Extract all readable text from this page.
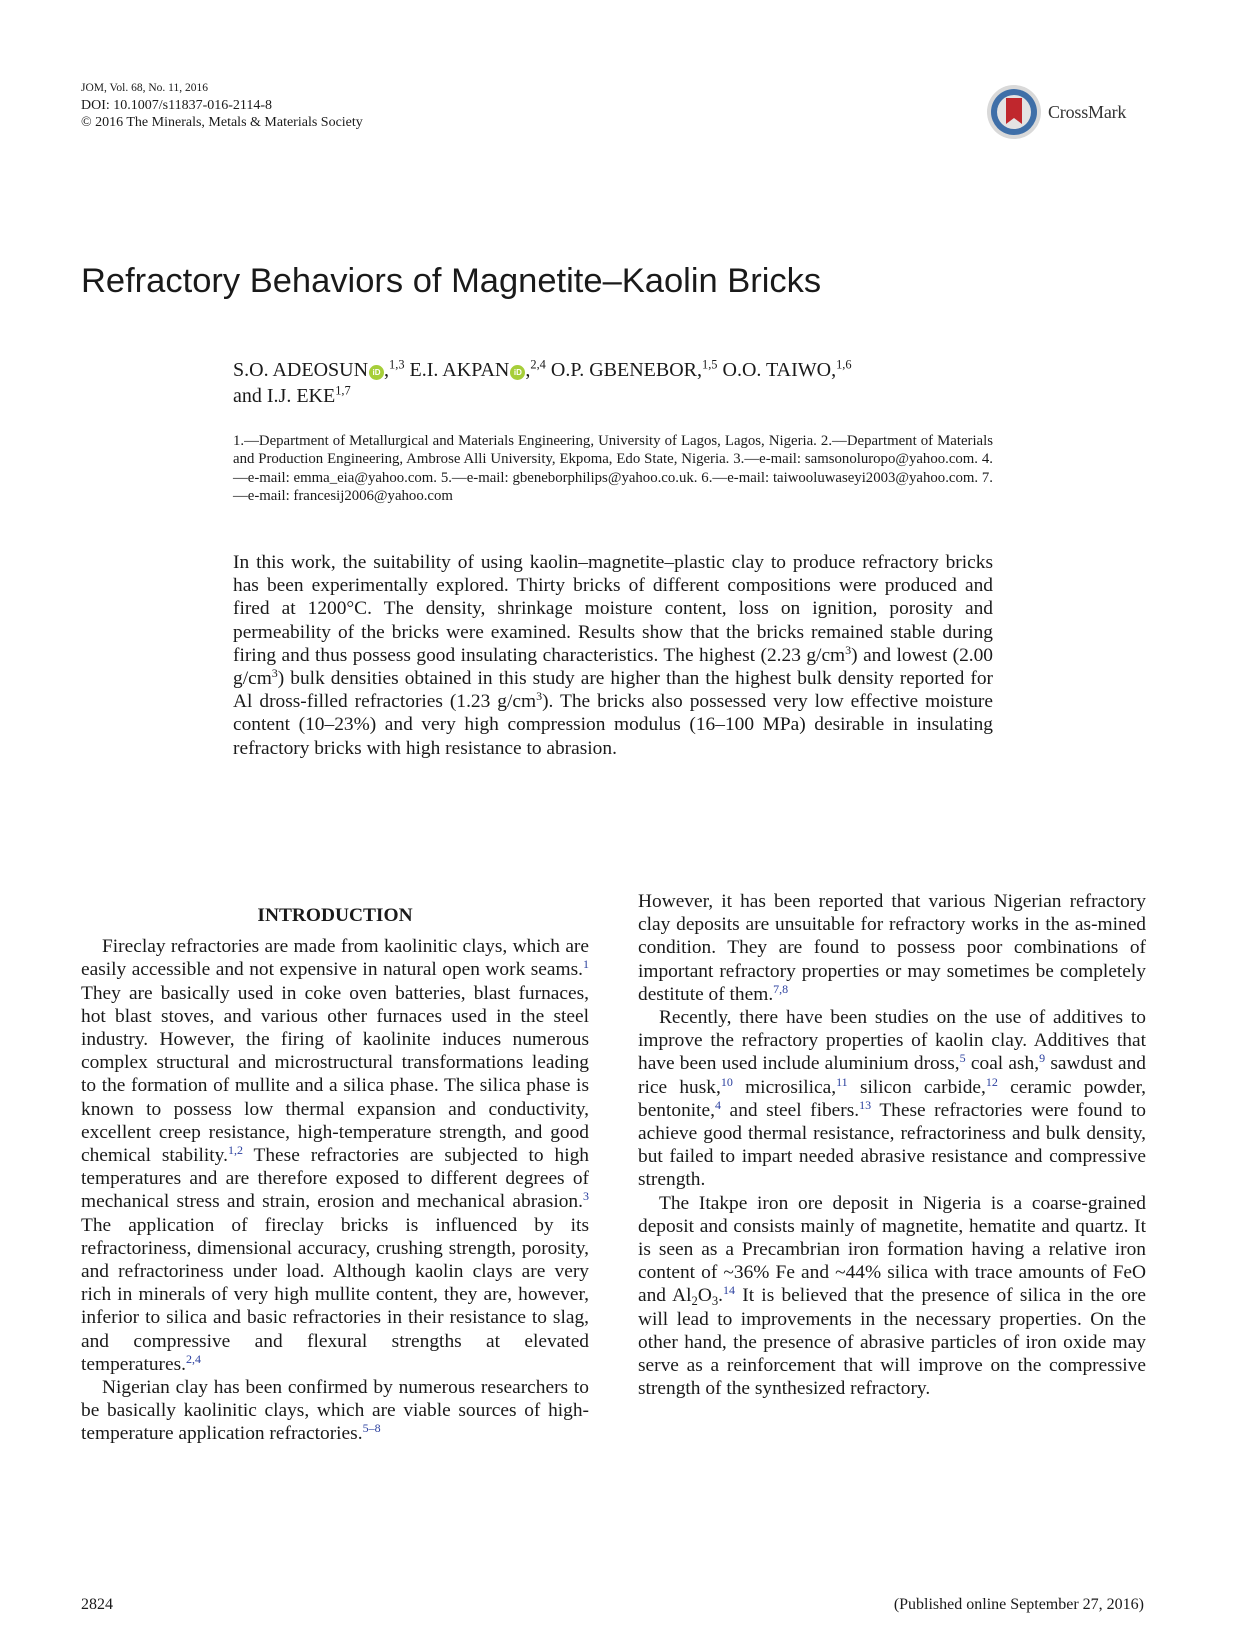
JOM, Vol. 68, No. 11, 2016
DOI: 10.1007/s11837-016-2114-8
© 2016 The Minerals, Metals & Materials Society
CrossMark
Refractory Behaviors of Magnetite–Kaolin Bricks
S.O. ADEOSUN iD ,$^{1,3}$ E.I. AKPAN iD ,$^{2,4}$ O.P. GBENEBOR,$^{1,5}$ O.O. TAIWO,$^{1,6}$
and I.J. EKE$^{1,7}$
1.—Department of Metallurgical and Materials Engineering, University of Lagos, Lagos, Nigeria. 2.—Department of Materials and Production Engineering, Ambrose Alli University, Ekpoma, Edo State, Nigeria. 3.—e-mail: samsonoluropo@yahoo.com. 4.—e-mail: emma_eia@yahoo.com. 5.—e-mail: gbeneborphilips@yahoo.co.uk. 6.—e-mail: taiwooluwaseyi2003@yahoo.com. 7.—e-mail: francesij2006@yahoo.com
In this work, the suitability of using kaolin–magnetite–plastic clay to produce refractory bricks has been experimentally explored. Thirty bricks of different compositions were produced and fired at 1200°C. The density, shrinkage moisture content, loss on ignition, porosity and permeability of the bricks were examined. Results show that the bricks remained stable during firing and thus possess good insulating characteristics. The highest (2.23 $g/cm^3$) and lowest (2.00 $g/cm^3$) bulk densities obtained in this study are higher than the highest bulk density reported for Al dross-filled refractories (1.23 $g/cm^3$). The bricks also possessed very low effective moisture content (10–23%) and very high compression modulus (16–100 MPa) desirable in insulating refractory bricks with high resistance to abrasion.
INTRODUCTION

Fireclay refractories are made from kaolinitic clays, which are easily accessible and not expensive in natural open work seams.$^1$ They are basically used in coke oven batteries, blast furnaces, hot blast stoves, and various other furnaces used in the steel industry. However, the firing of kaolinite induces numerous complex structural and microstructural transformations leading to the formation of mullite and a silica phase. The silica phase is known to possess low thermal expansion and conductivity, excellent creep resistance, high-temperature strength, and good chemical stability.$^{1,2}$ These refractories are subjected to high temperatures and are therefore exposed to different degrees of mechanical stress and strain, erosion and mechanical abrasion.$^3$ The application of fireclay bricks is influenced by its refractoriness, dimensional accuracy, crushing strength, porosity, and refractoriness under load. Although kaolin clays are very rich in minerals of very high mullite content, they are, however, inferior to silica and basic refractories in their resistance to slag, and compressive and flexural strengths at elevated temperatures.$^{2,4}$

Nigerian clay has been confirmed by numerous researchers to be basically kaolinitic clays, which are viable sources of high-temperature application refractories.$^{5-8}$

However, it has been reported that various Nigerian refractory clay deposits are unsuitable for refractory works in the as-mined condition. They are found to possess poor combinations of important refractory properties or may sometimes be completely destitute of them.$^{7,8}$

Recently, there have been studies on the use of additives to improve the refractory properties of kaolin clay. Additives that have been used include aluminium dross,$^5$ coal ash,$^9$ sawdust and rice husk,$^{10}$ microsilica,$^{11}$ silicon carbide,$^{12}$ ceramic powder, bentonite,$^4$ and steel fibers.$^{13}$ These refractories were found to achieve good thermal resistance, refractoriness and bulk density, but failed to impart needed abrasive resistance and compressive strength.

The Itakpe iron ore deposit in Nigeria is a coarse-grained deposit and consists mainly of magnetite, hematite and quartz. It is seen as a Precambrian iron formation having a relative iron content of ~36% Fe and ~44% silica with trace amounts of FeO and $Al_2O_3.^{14}$ It is believed that the presence of silica in the ore will lead to improvements in the necessary properties. On the other hand, the presence of abrasive particles of iron oxide may serve as a reinforcement that will improve on the compressive strength of the synthesized refractory.

2824	(Published online September 27, 2016)
